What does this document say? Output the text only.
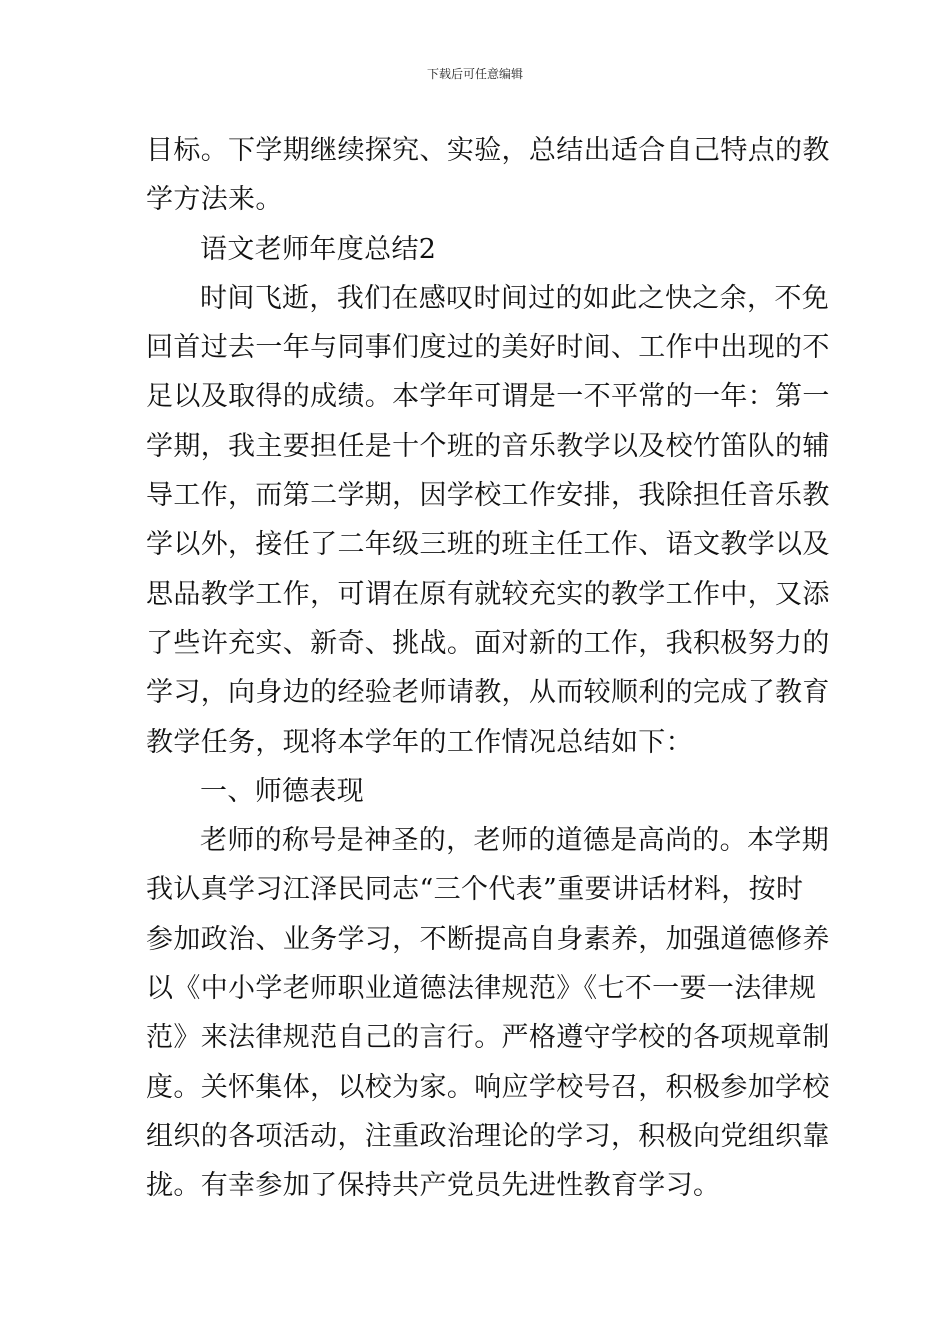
下载后可任意编辑
目标。下学期继续探究、实验，总结出适合自己特点的教
学方法来。
语文老师年度总结2
时间飞逝，我们在感叹时间过的如此之快之余，不免
回首过去一年与同事们度过的美好时间、工作中出现的不
足以及取得的成绩。本学年可谓是一不平常的一年：第一
学期，我主要担任是十个班的音乐教学以及校竹笛队的辅
导工作，而第二学期，因学校工作安排，我除担任音乐教
学以外，接任了二年级三班的班主任工作、语文教学以及
思品教学工作，可谓在原有就较充实的教学工作中，又添
了些许充实、新奇、挑战。面对新的工作，我积极努力的
学习，向身边的经验老师请教，从而较顺利的完成了教育
教学任务，现将本学年的工作情况总结如下：
一、师德表现
老师的称号是神圣的，老师的道德是高尚的。本学期
我认真学习江泽民同志“三个代表”重要讲话材料，按时
参加政治、业务学习，不断提高自身素养，加强道德修养
以《中小学老师职业道德法律规范》《七不一要一法律规
范》来法律规范自己的言行。严格遵守学校的各项规章制
度。关怀集体，以校为家。响应学校号召，积极参加学校
组织的各项活动，注重政治理论的学习，积极向党组织靠
拢。有幸参加了保持共产党员先进性教育学习。
